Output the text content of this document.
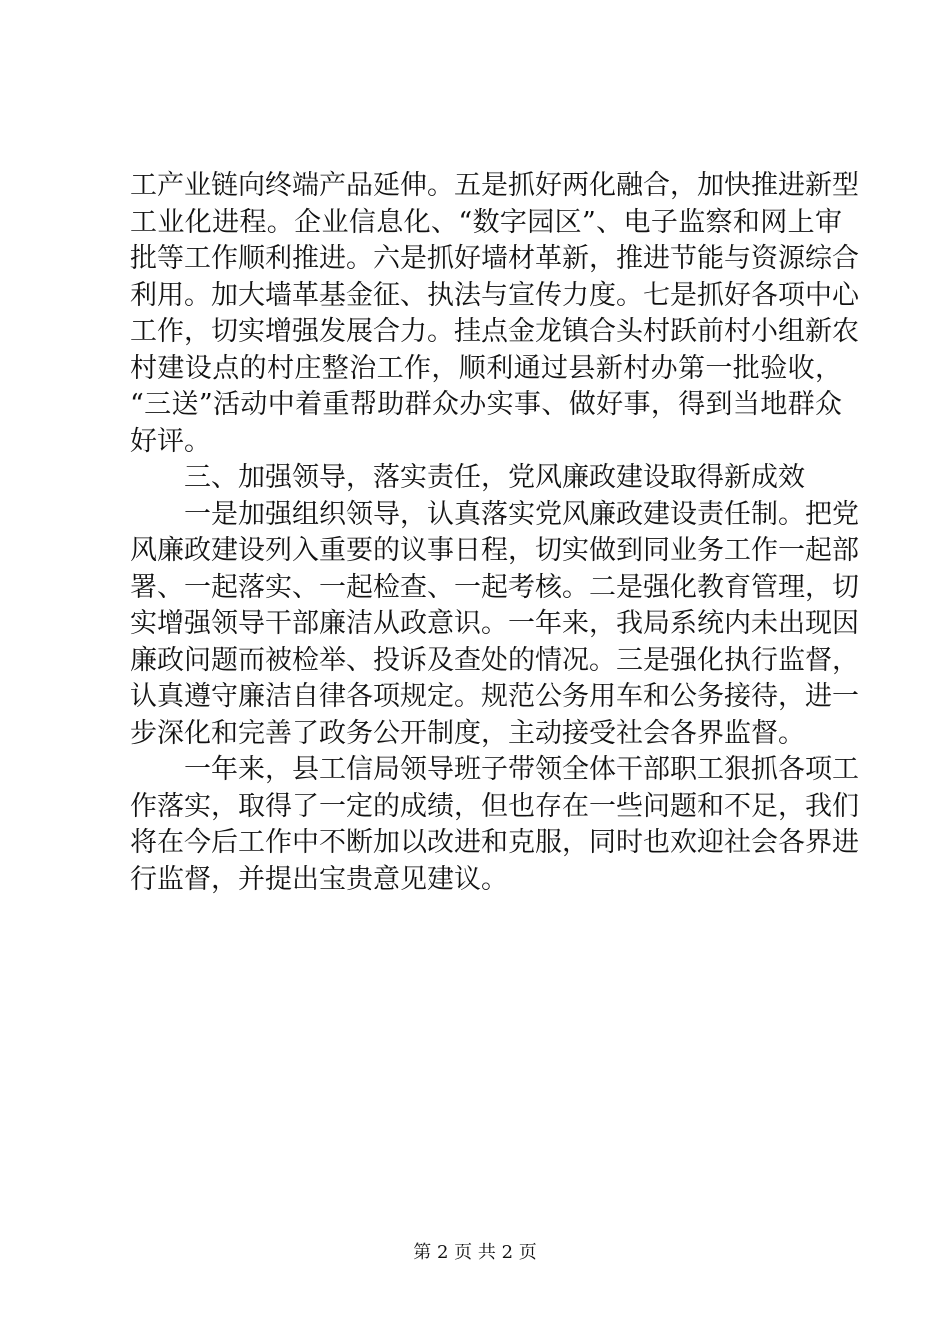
工产业链向终端产品延伸。五是抓好两化融合，加快推进新型
工业化进程。企业信息化、“数字园区”、电子监察和网上审
批等工作顺利推进。六是抓好墙材革新，推进节能与资源综合
利用。加大墙革基金征、执法与宣传力度。七是抓好各项中心
工作，切实增强发展合力。挂点金龙镇合头村跃前村小组新农
村建设点的村庄整治工作，顺利通过县新村办第一批验收，
“三送”活动中着重帮助群众办实事、做好事，得到当地群众
好评。
三、加强领导，落实责任，党风廉政建设取得新成效
一是加强组织领导，认真落实党风廉政建设责任制。把党
风廉政建设列入重要的议事日程，切实做到同业务工作一起部
署、一起落实、一起检查、一起考核。二是强化教育管理，切
实增强领导干部廉洁从政意识。一年来，我局系统内未出现因
廉政问题而被检举、投诉及查处的情况。三是强化执行监督，
认真遵守廉洁自律各项规定。规范公务用车和公务接待，进一
步深化和完善了政务公开制度，主动接受社会各界监督。
一年来，县工信局领导班子带领全体干部职工狠抓各项工
作落实，取得了一定的成绩，但也存在一些问题和不足，我们
将在今后工作中不断加以改进和克服，同时也欢迎社会各界进
行监督，并提出宝贵意见建议。
第 2 页 共 2 页
